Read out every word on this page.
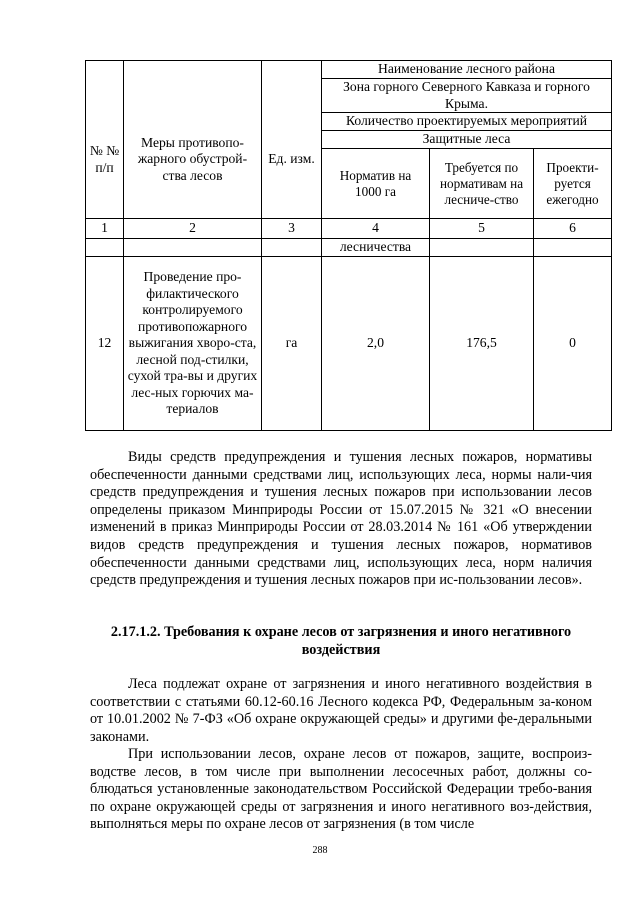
№ № п/п	Меры противопо-жарного обустрой-ства лесов	Ед. изм.	Наименование лесного района		
			Зона горного Северного Кавказа и горного Крыма.		
			Количество проектируемых мероприятий		
			Защитные леса		
			Норматив на 1000 га	Требуется по нормативам на лесниче-ство	Проекти-руется ежегодно

1	2	3	4	5	6
			лесничества		
12	Проведение про-филактического контролируемого противопожарного выжигания хворо-ста, лесной под-стилки, сухой тра-вы и других лес-ных горючих ма-териалов	га	2,0	176,5	0

Виды средств предупреждения и тушения лесных пожаров, нормативы обеспеченности данными средствами лиц, использующих леса, нормы нали-чия средств предупреждения и тушения лесных пожаров при использовании лесов определены приказом Минприроды России от 15.07.2015 № 321 «О внесении изменений в приказ Минприроды России от 28.03.2014 № 161 «Об утверждении видов средств предупреждения и тушения лесных пожаров, нормативов обеспеченности данными средствами лиц, использующих леса, норм наличия средств предупреждения и тушения лесных пожаров при ис-пользовании лесов».

2.17.1.2. Требования к охране лесов от загрязнения и иного негативного воздействия

Леса подлежат охране от загрязнения и иного негативного воздействия в соответствии с статьями 60.12-60.16 Лесного кодекса РФ, Федеральным за-коном от 10.01.2002 № 7-ФЗ «Об охране окружающей среды» и другими фе-деральными законами.

При использовании лесов, охране лесов от пожаров, защите, воспроиз-водстве лесов, в том числе при выполнении лесосечных работ, должны со-блюдаться установленные законодательством Российской Федерации требо-вания по охране окружающей среды от загрязнения и иного негативного воз-действия, выполняться меры по охране лесов от загрязнения (в том числе

288
